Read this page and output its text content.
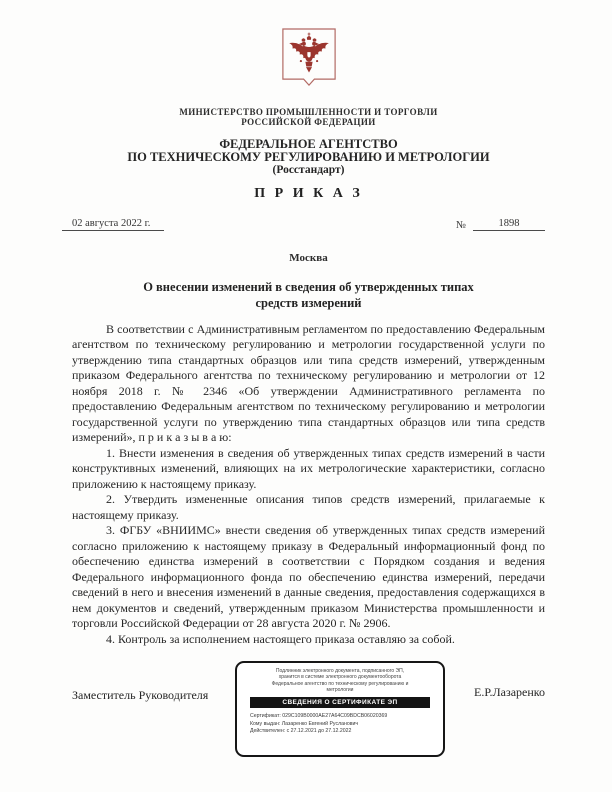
МИНИСТЕРСТВО ПРОМЫШЛЕННОСТИ И ТОРГОВЛИ
РОССИЙСКОЙ ФЕДЕРАЦИИ
ФЕДЕРАЛЬНОЕ АГЕНТСТВО
ПО ТЕХНИЧЕСКОМУ РЕГУЛИРОВАНИЮ И МЕТРОЛОГИИ
(Росстандарт)
П Р И К А З
02 августа 2022 г.	№	1898
Москва
О внесении изменений в сведения об утвержденных типах
средств измерений

В соответствии с Административным регламентом по предоставлению Федеральным агентством по техническому регулированию и метрологии государственной услуги по утверждению типа стандартных образцов или типа средств измерений, утвержденным приказом Федерального агентства по техническому регулированию и метрологии от 12 ноября 2018 г. № 2346 «Об утверждении Административного регламента по предоставлению Федеральным агентством по техническому регулированию и метрологии государственной услуги по утверждению типа стандартных образцов или типа средств измерений», п р и к а з ы в а ю:

1. Внести изменения в сведения об утвержденных типах средств измерений в части конструктивных изменений, влияющих на их метрологические характеристики, согласно приложению к настоящему приказу.

2. Утвердить измененные описания типов средств измерений, прилагаемые к настоящему приказу.

3. ФГБУ «ВНИИМС» внести сведения об утвержденных типах средств измерений согласно приложению к настоящему приказу в Федеральный информационный фонд по обеспечению единства измерений в соответствии с Порядком создания и ведения Федерального информационного фонда по обеспечению единства измерений, передачи сведений в него и внесения изменений в данные сведения, предоставления содержащихся в нем документов и сведений, утвержденным приказом Министерства промышленности и торговли Российской Федерации от 28 августа 2020 г. № 2906.

4. Контроль за исполнением настоящего приказа оставляю за собой.

Заместитель Руководителя
Подлинник электронного документа, подписанного ЭП,
хранится в системе электронного документооборота
Федеральное агентство по техническому регулированию и
метрологии
СВЕДЕНИЯ О СЕРТИФИКАТЕ ЭП
Сертификат: 029C109B0000AE27A64C09BDCB06020369
Кому выдан: Лазаренко Евгений Русланович
Действителен: с 27.12.2021 до 27.12.2022
Е.Р.Лазаренко
